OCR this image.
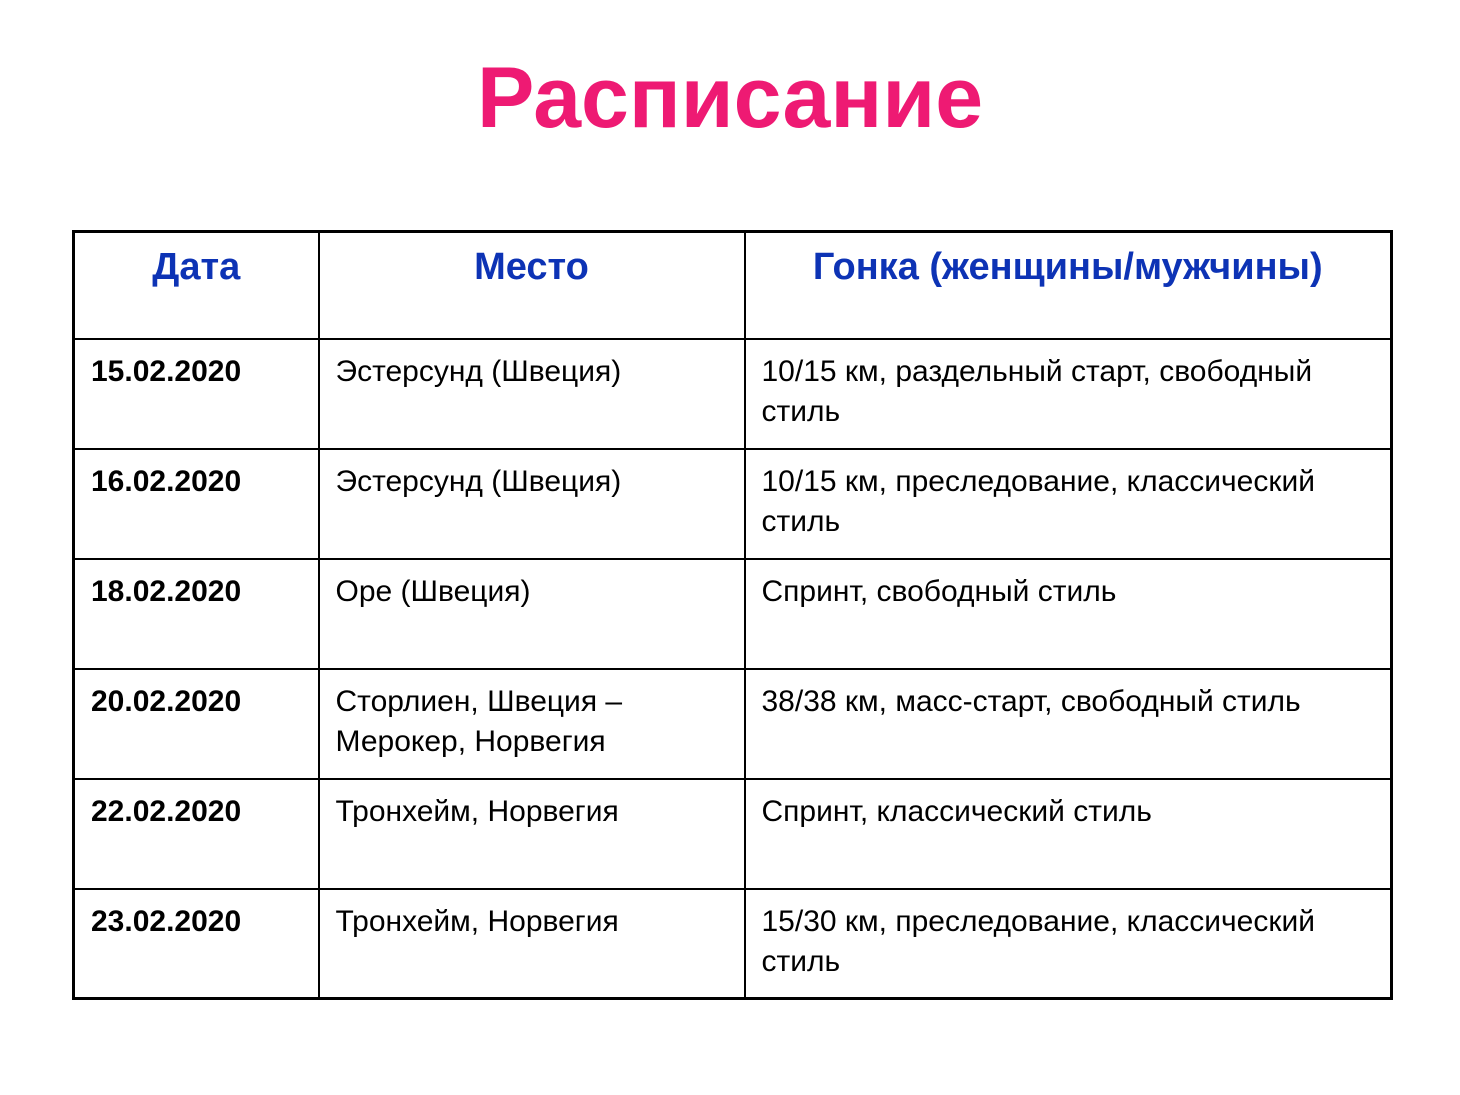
Расписание
Дата	Место	Гонка (женщины/мужчины)
15.02.2020	Эстерсунд (Швеция)	10/15 км, раздельный старт, свободный стиль
16.02.2020	Эстерсунд (Швеция)	10/15 км, преследование, классический стиль
18.02.2020	Оре (Швеция)	Спринт, свободный стиль
20.02.2020	Сторлиен, Швеция – Мерокер, Норвегия	38/38 км, масс-старт, свободный стиль
22.02.2020	Тронхейм, Норвегия	Спринт, классический стиль
23.02.2020	Тронхейм, Норвегия	15/30 км, преследование, классический стиль
